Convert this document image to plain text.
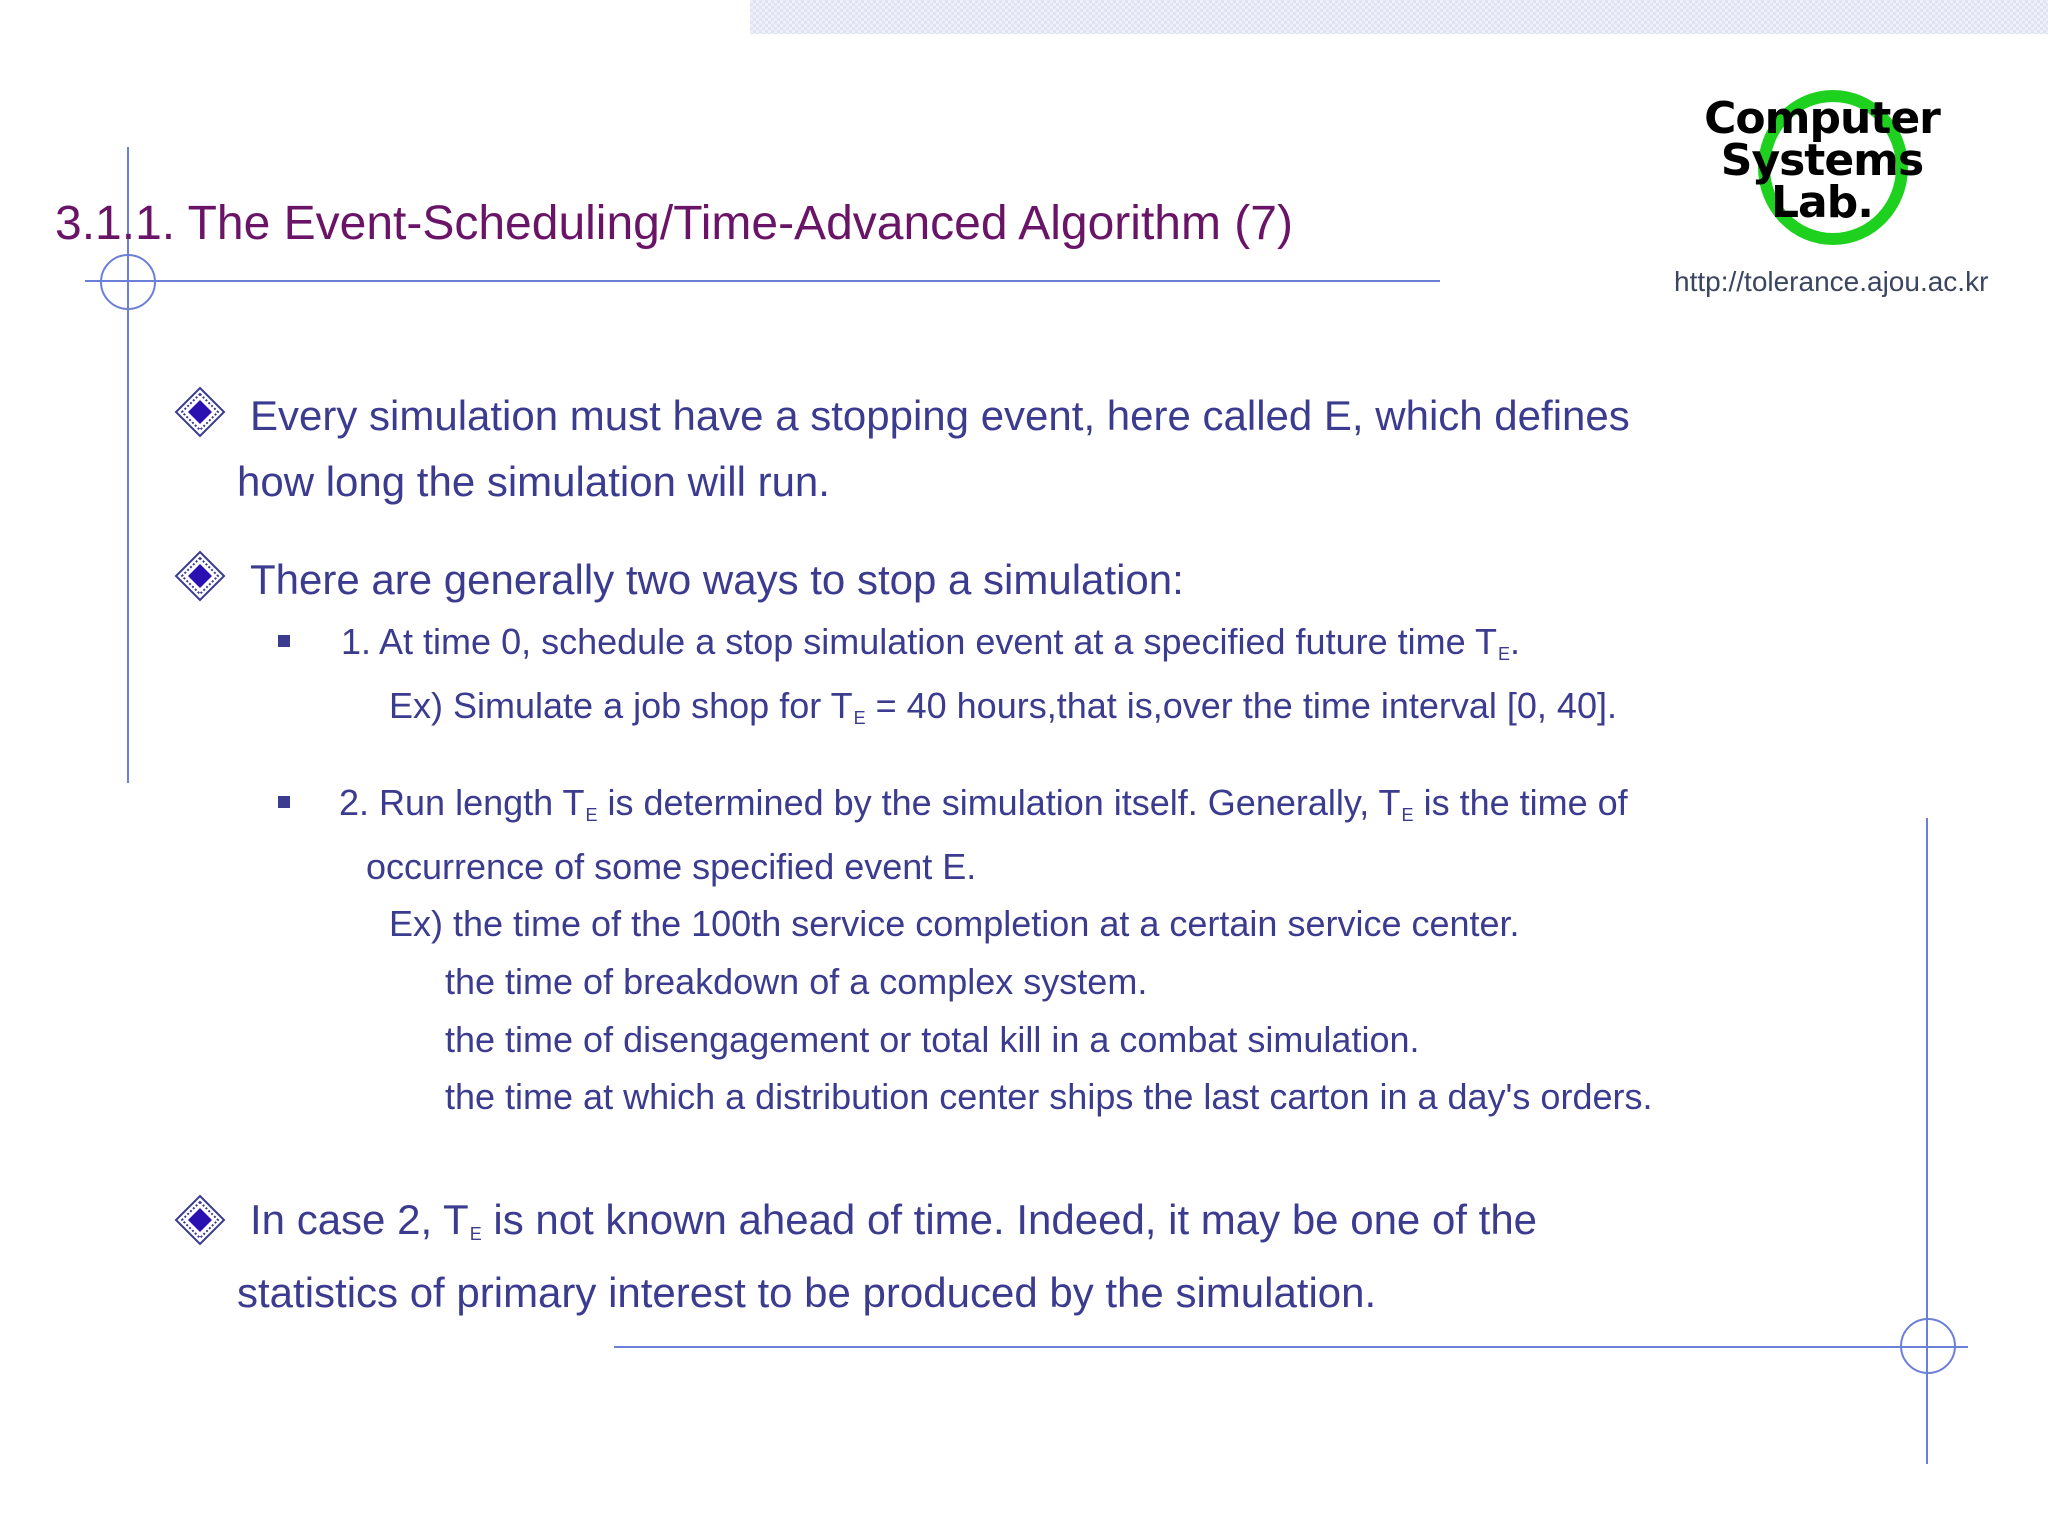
3.1.1. The Event-Scheduling/Time-Advanced Algorithm (7)
Computer
Systems
Lab.
http://tolerance.ajou.ac.kr

Every simulation must have a stopping event, here called E, which defines

how long the simulation will run.

There are generally two ways to stop a simulation:

1. At time 0, schedule a stop simulation event at a specified future time $T_E$.

Ex) Simulate a job shop for $T_E = 40$ hours,that is,over the time interval [0, 40].

2. Run length $T_E$ is determined by the simulation itself. Generally, $T_E$ is the time of

occurrence of some specified event E.

Ex) the time of the 100th service completion at a certain service center.

the time of breakdown of a complex system.

the time of disengagement or total kill in a combat simulation.

the time at which a distribution center ships the last carton in a day's orders.

In case 2, $T_E$ is not known ahead of time. Indeed, it may be one of the

statistics of primary interest to be produced by the simulation.
